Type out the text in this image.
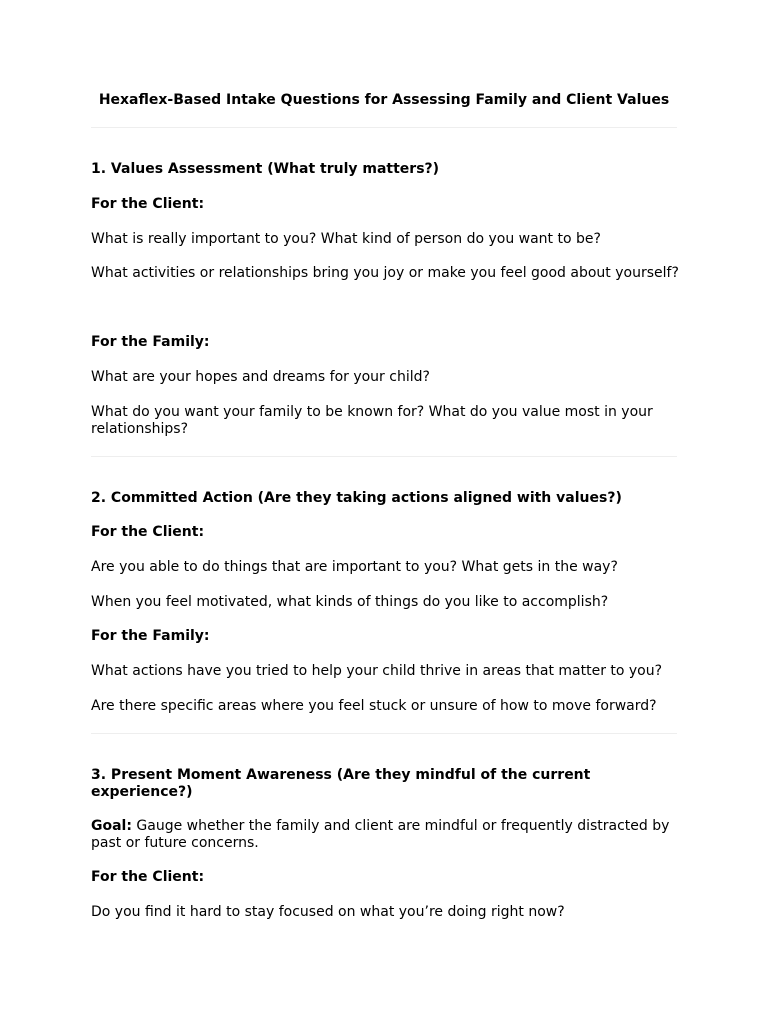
Hexaflex-Based Intake Questions for Assessing Family and Client Values

1. Values Assessment (What truly matters?)

For the Client:

What is really important to you? What kind of person do you want to be?

What activities or relationships bring you joy or make you feel good about yourself?

For the Family:

What are your hopes and dreams for your child?

What do you want your family to be known for? What do you value most in your relationships?

2. Committed Action (Are they taking actions aligned with values?)

For the Client:

Are you able to do things that are important to you? What gets in the way?

When you feel motivated, what kinds of things do you like to accomplish?

For the Family:

What actions have you tried to help your child thrive in areas that matter to you?

Are there specific areas where you feel stuck or unsure of how to move forward?

3. Present Moment Awareness (Are they mindful of the current experience?)

Goal: Gauge whether the family and client are mindful or frequently distracted by past or future concerns.

For the Client:

Do you find it hard to stay focused on what you’re doing right now?
